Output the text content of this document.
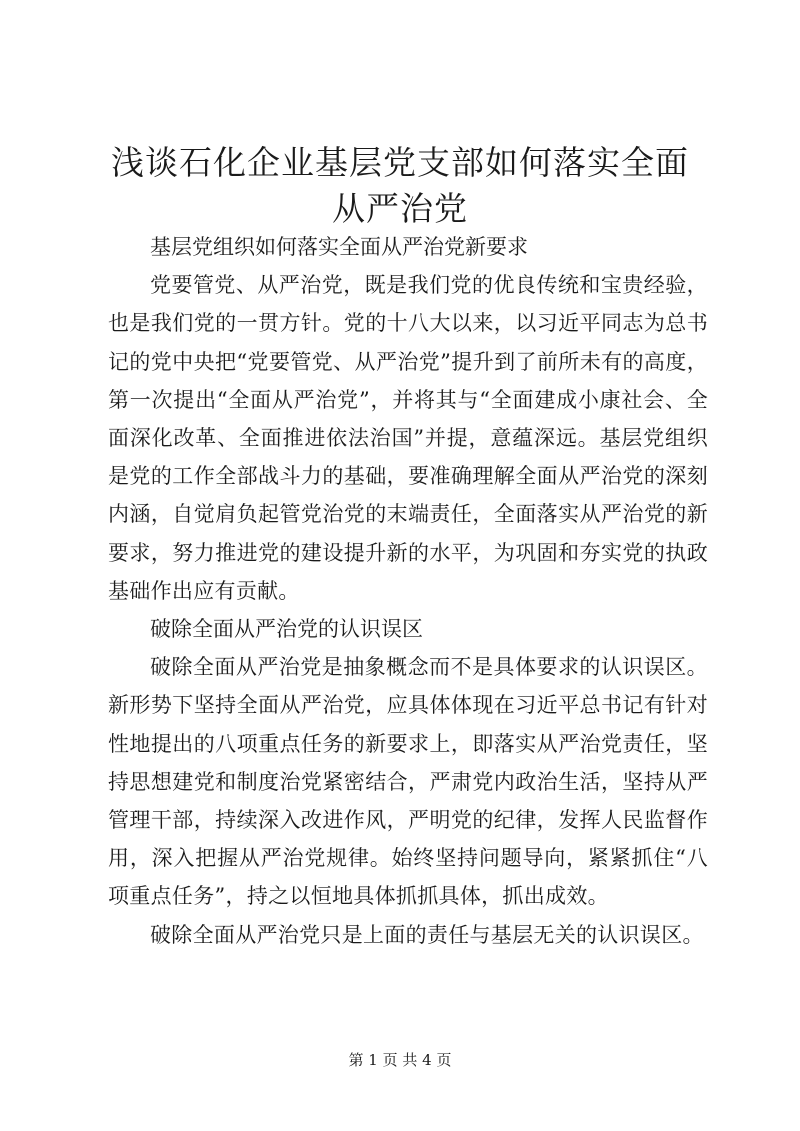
浅谈石化企业基层党支部如何落实全面从严治党

基层党组织如何落实全面从严治党新要求

党要管党、从严治党，既是我们党的优良传统和宝贵经验，也是我们党的一贯方针。党的十八大以来，以习近平同志为总书记的党中央把“党要管党、从严治党”提升到了前所未有的高度，第一次提出“全面从严治党”，并将其与“全面建成小康社会、全面深化改革、全面推进依法治国”并提，意蕴深远。基层党组织是党的工作全部战斗力的基础，要准确理解全面从严治党的深刻内涵，自觉肩负起管党治党的末端责任，全面落实从严治党的新要求，努力推进党的建设提升新的水平，为巩固和夯实党的执政基础作出应有贡献。

破除全面从严治党的认识误区

破除全面从严治党是抽象概念而不是具体要求的认识误区。新形势下坚持全面从严治党，应具体体现在习近平总书记有针对性地提出的八项重点任务的新要求上，即落实从严治党责任，坚持思想建党和制度治党紧密结合，严肃党内政治生活，坚持从严管理干部，持续深入改进作风，严明党的纪律，发挥人民监督作用，深入把握从严治党规律。始终坚持问题导向，紧紧抓住“八项重点任务”，持之以恒地具体抓抓具体，抓出成效。

破除全面从严治党只是上面的责任与基层无关的认识误区。

第 1 页 共 4 页
